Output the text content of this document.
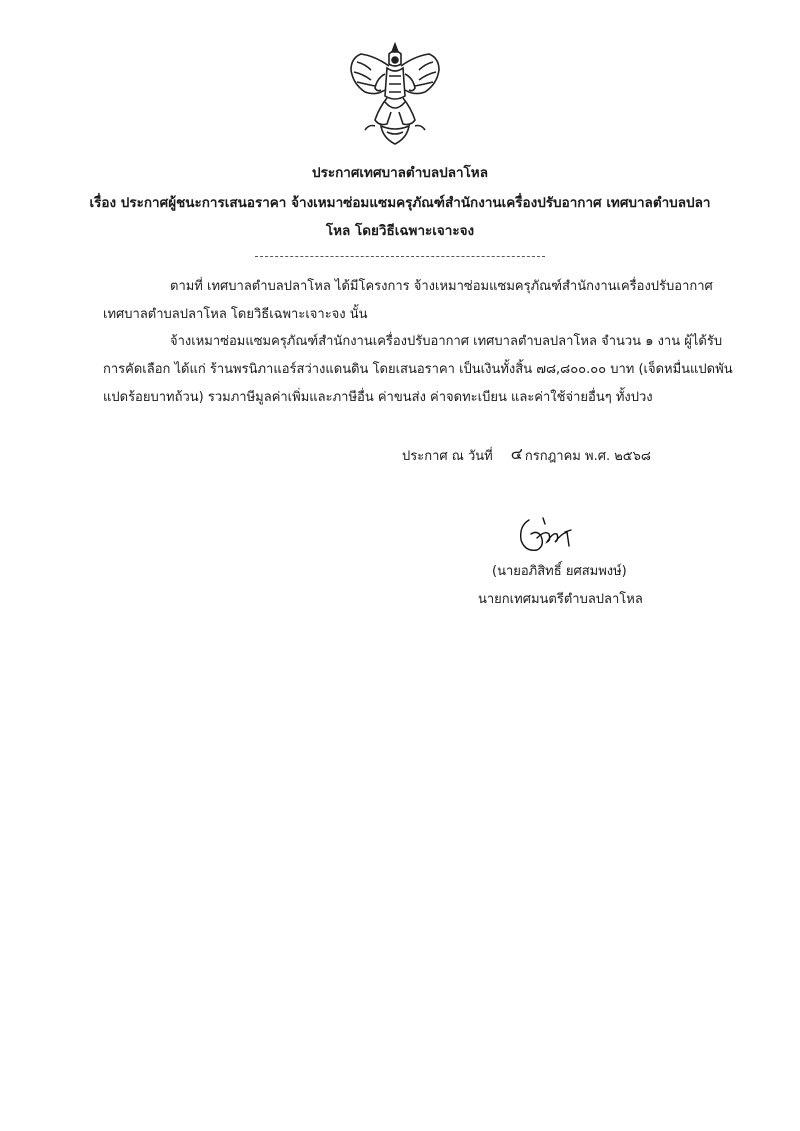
ประกาศเทศบาลตำบลปลาโหล
เรื่อง ประกาศผู้ชนะการเสนอราคา จ้างเหมาซ่อมแซมครุภัณฑ์สำนักงานเครื่องปรับอากาศ เทศบาลตำบลปลา
โหล โดยวิธีเฉพาะเจาะจง
ตามที่ เทศบาลตำบลปลาโหล ได้มีโครงการ จ้างเหมาซ่อมแซมครุภัณฑ์สำนักงานเครื่องปรับอากาศ
เทศบาลตำบลปลาโหล โดยวิธีเฉพาะเจาะจง นั้น
จ้างเหมาซ่อมแซมครุภัณฑ์สำนักงานเครื่องปรับอากาศ เทศบาลตำบลปลาโหล จำนวน ๑ งาน ผู้ได้รับ
การคัดเลือก ได้แก่ ร้านพรนิภาแอร์สว่างแดนดิน โดยเสนอราคา เป็นเงินทั้งสิ้น ๗๘,๘๐๐.๐๐ บาท (เจ็ดหมื่นแปดพัน
แปดร้อยบาทถ้วน) รวมภาษีมูลค่าเพิ่มและภาษีอื่น ค่าขนส่ง ค่าจดทะเบียน และค่าใช้จ่ายอื่นๆ ทั้งปวง
ประกาศ ณ วันที่ ๔ กรกฎาคม พ.ศ. ๒๕๖๘
(นายอภิสิทธิ์ ยศสมพงษ์)
นายกเทศมนตรีตำบลปลาโหล
